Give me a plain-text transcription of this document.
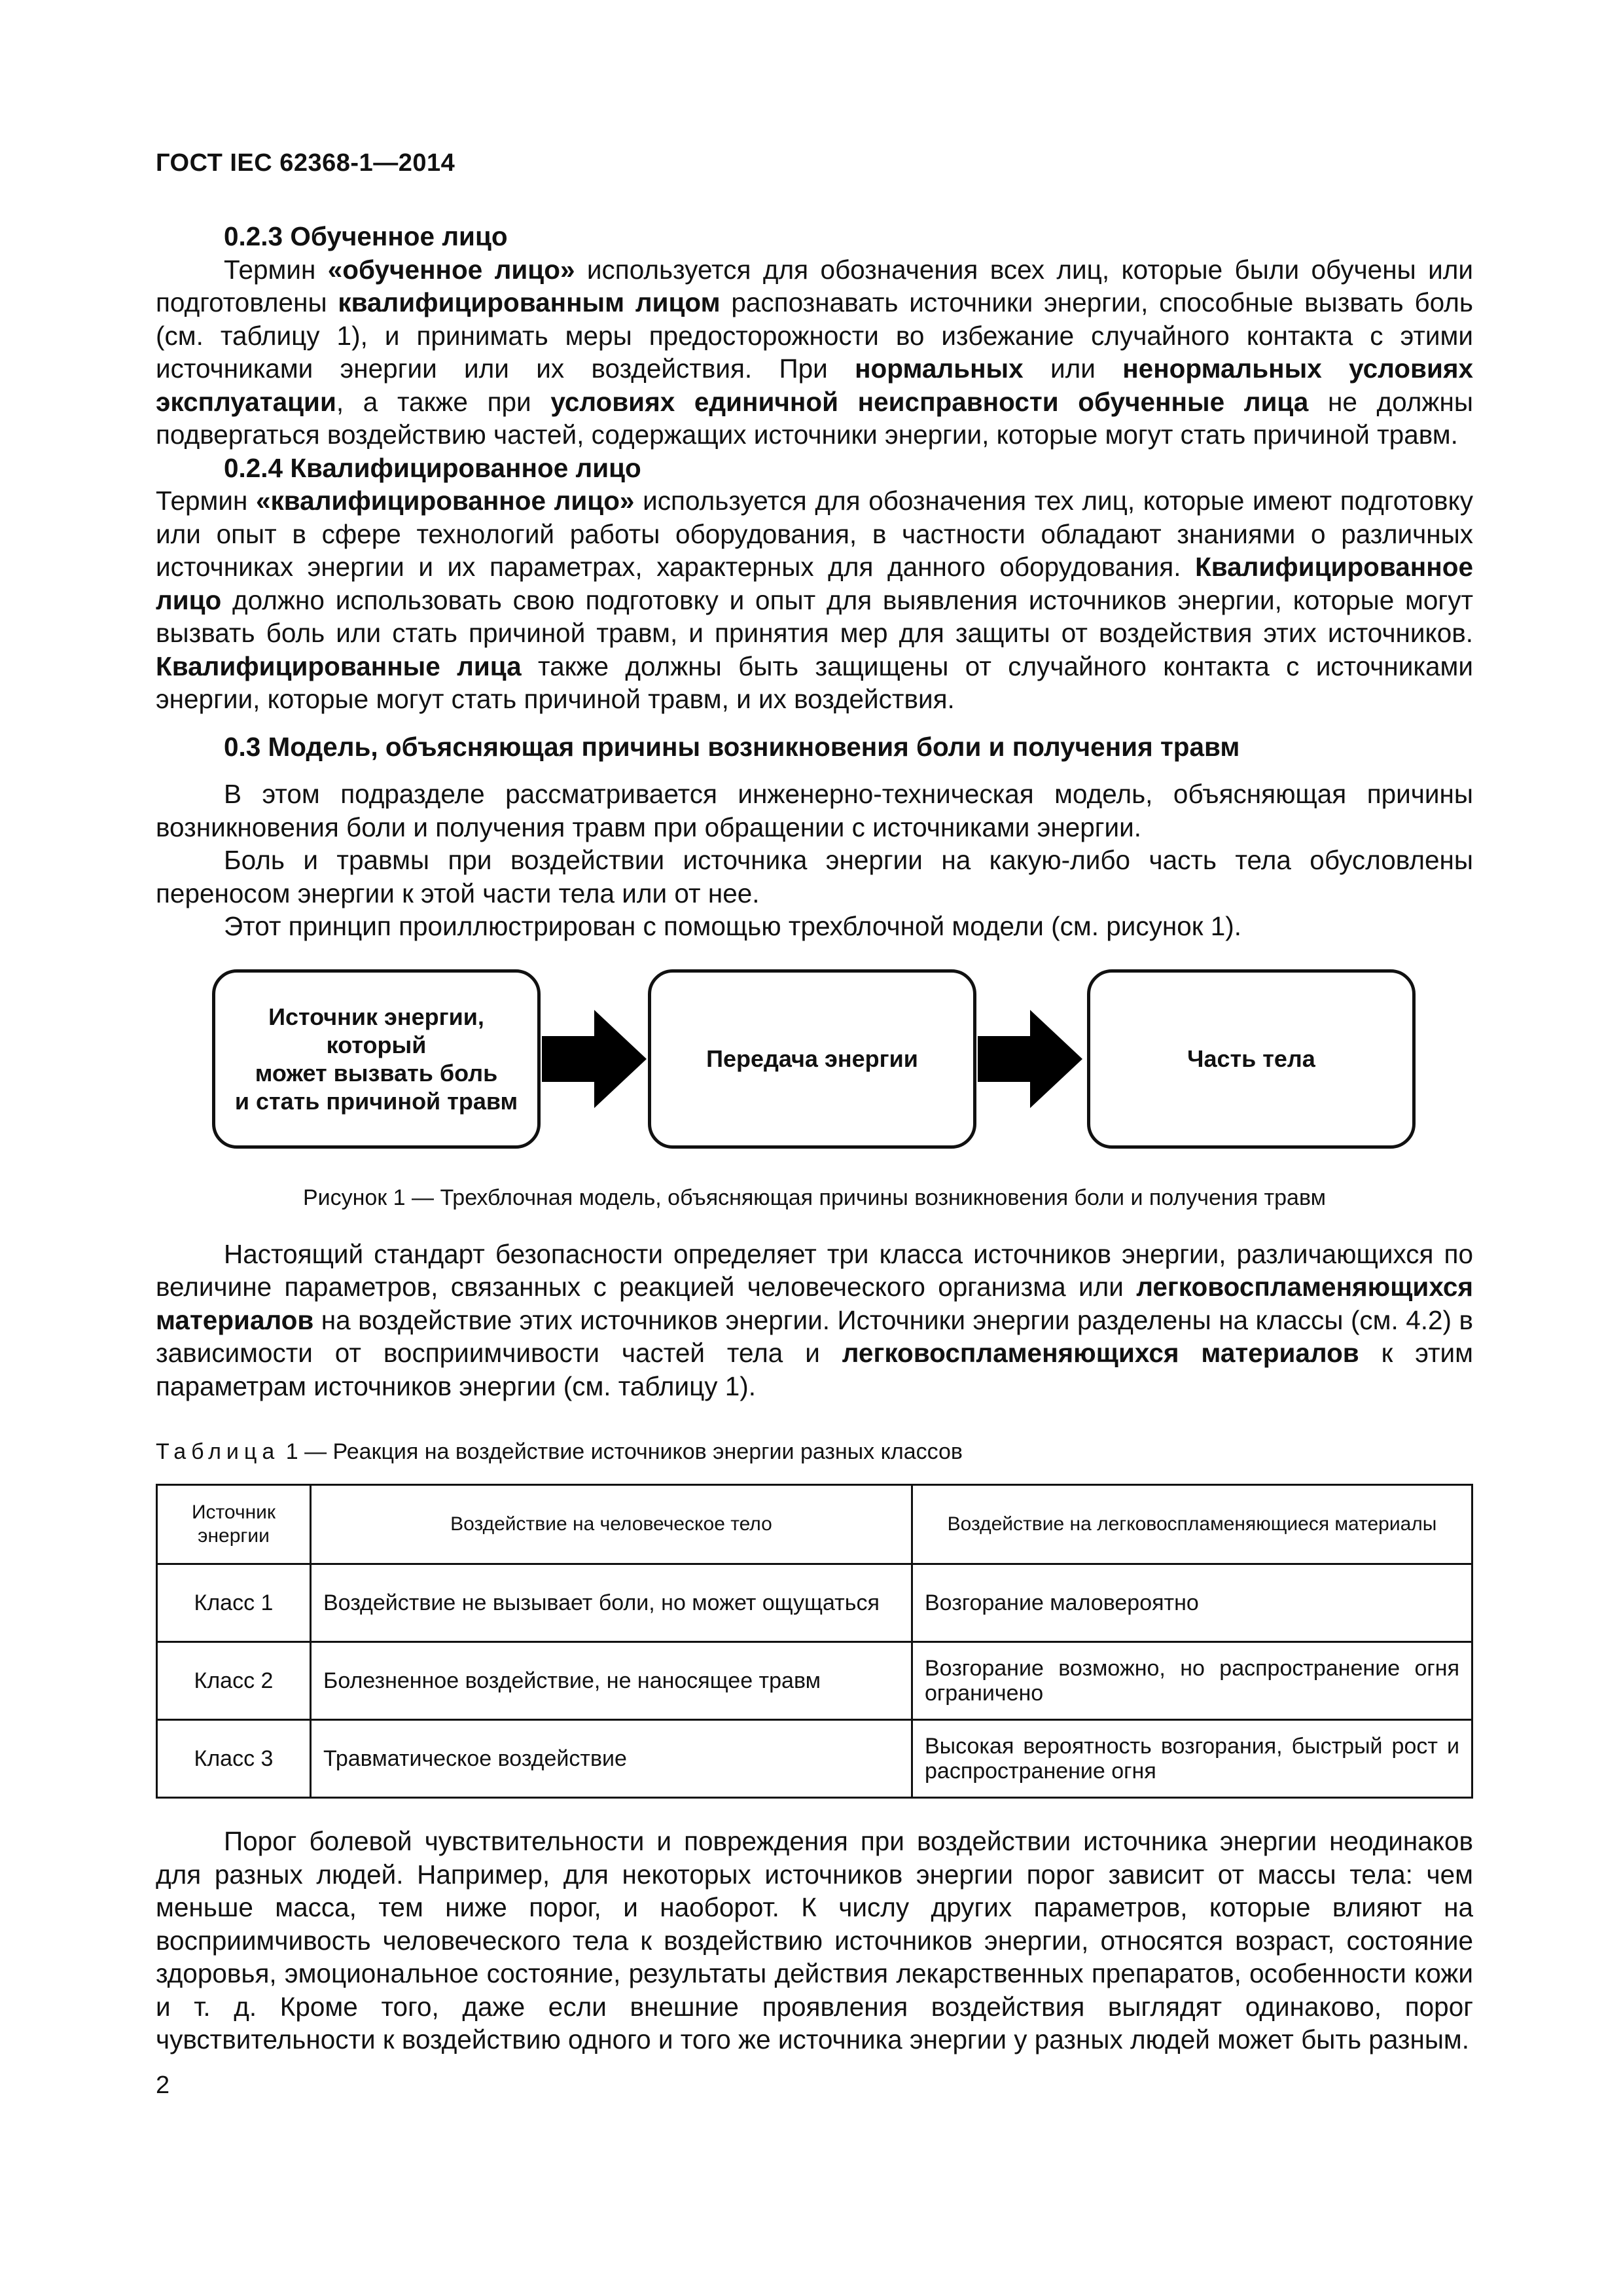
ГОСТ IEC 62368-1—2014

0.2.3 Обученное лицо

Термин «обученное лицо» используется для обозначения всех лиц, которые были обучены или подготовлены квалифицированным лицом распознавать источники энергии, способные вызвать боль (см. таблицу 1), и принимать меры предосторожности во избежание случайного контакта с этими источниками энергии или их воздействия. При нормальных или ненормальных условиях эксплуатации, а также при условиях единичной неисправности обученные лица не должны подвергаться воздействию частей, содержащих источники энергии, которые могут стать причиной травм.

0.2.4 Квалифицированное лицо

Термин «квалифицированное лицо» используется для обозначения тех лиц, которые имеют подготовку или опыт в сфере технологий работы оборудования, в частности обладают знаниями о различных источниках энергии и их параметрах, характерных для данного оборудования. Квалифицированное лицо должно использовать свою подготовку и опыт для выявления источников энергии, которые могут вызвать боль или стать причиной травм, и принятия мер для защиты от воздействия этих источников. Квалифицированные лица также должны быть защищены от случайного контакта с источниками энергии, которые могут стать причиной травм, и их воздействия.

0.3 Модель, объясняющая причины возникновения боли и получения травм

В этом подразделе рассматривается инженерно-техническая модель, объясняющая причины возникновения боли и получения травм при обращении с источниками энергии.

Боль и травмы при воздействии источника энергии на какую-либо часть тела обусловлены переносом энергии к этой части тела или от нее.

Этот принцип проиллюстрирован с помощью трехблочной модели (см. рисунок 1).

Источник энергии, который
может вызвать боль
и стать причиной травм
Передача энергии	Часть тела
Рисунок 1 — Трехблочная модель, объясняющая причины возникновения боли и получения травм

Настоящий стандарт безопасности определяет три класса источников энергии, различающихся по величине параметров, связанных с реакцией человеческого организма или легковоспламеняющихся материалов на воздействие этих источников энергии. Источники энергии разделены на классы (см. 4.2) в зависимости от восприимчивости частей тела и легковоспламеняющихся материалов к этим параметрам источников энергии (см. таблицу 1).

Таблица 1 — Реакция на воздействие источников энергии разных классов
Источник энергии	Воздействие на человеческое тело	Воздействие на легковоспламеняющиеся материалы
Класс 1	Воздействие не вызывает боли, но может ощущаться	Возгорание маловероятно
Класс 2	Болезненное воздействие, не наносящее травм	Возгорание возможно, но распространение огня ограничено
Класс 3	Травматическое воздействие	Высокая вероятность возгорания, быстрый рост и распространение огня

Порог болевой чувствительности и повреждения при воздействии источника энергии неодинаков для разных людей. Например, для некоторых источников энергии порог зависит от массы тела: чем меньше масса, тем ниже порог, и наоборот. К числу других параметров, которые влияют на восприимчивость человеческого тела к воздействию источников энергии, относятся возраст, состояние здоровья, эмоциональное состояние, результаты действия лекарственных препаратов, особенности кожи и т. д. Кроме того, даже если внешние проявления воздействия выглядят одинаково, порог чувствительности к воздействию одного и того же источника энергии у разных людей может быть разным.

2
